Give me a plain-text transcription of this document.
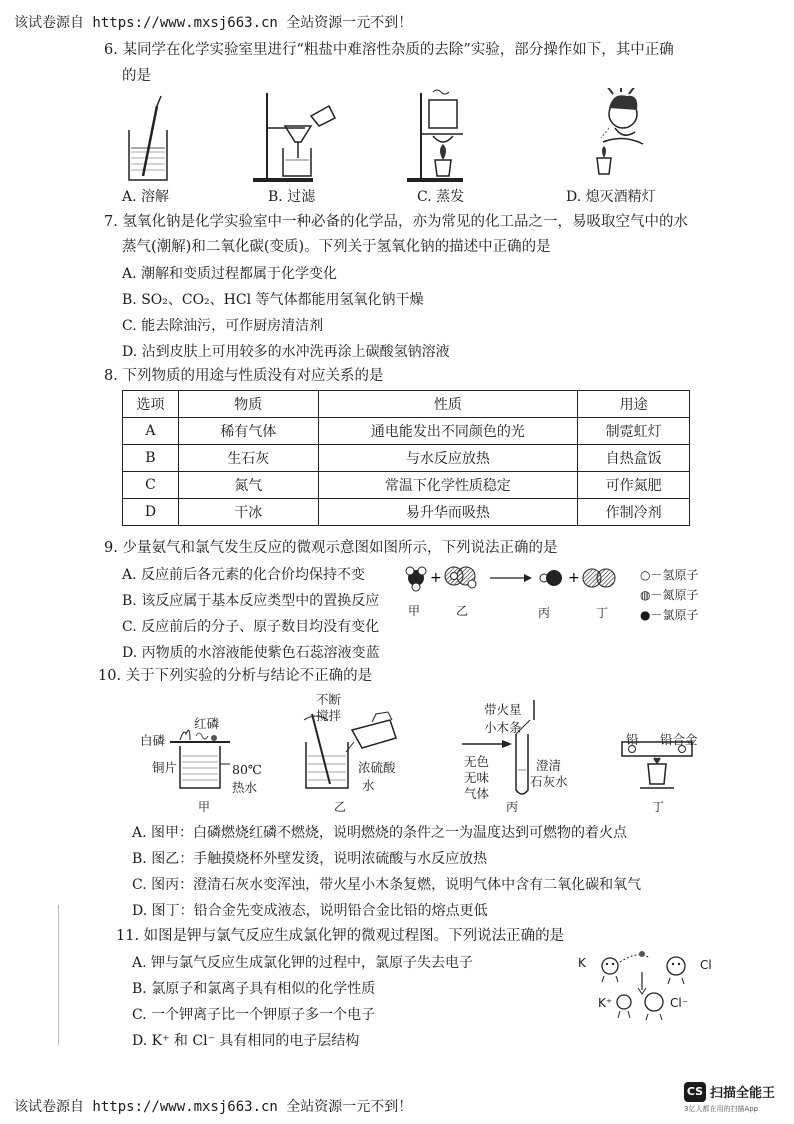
该试卷源自 https://www.mxsj663.cn 全站资源一元不到！
6. 某同学在化学实验室里进行“粗盐中难溶性杂质的去除”实验，部分操作如下，其中正确
的是
A. 溶解	B. 过滤	C. 蒸发	D. 熄灭酒精灯
7. 氢氧化钠是化学实验室中一种必备的化学品，亦为常见的化工品之一，易吸取空气中的水
蒸气(潮解)和二氧化碳(变质)。下列关于氢氧化钠的描述中正确的是
A. 潮解和变质过程都属于化学变化
B. SO₂、CO₂、HCl 等气体都能用氢氧化钠干燥
C. 能去除油污，可作厨房清洁剂
D. 沾到皮肤上可用较多的水冲洗再涂上碳酸氢钠溶液
8. 下列物质的用途与性质没有对应关系的是
选项	物质	性质	用途
A	稀有气体	通电能发出不同颜色的光	制霓虹灯
B	生石灰	与水反应放热	自热盒饭
C	氮气	常温下化学性质稳定	可作氮肥
D	干冰	易升华而吸热	作制冷剂
9. 少量氨气和氯气发生反应的微观示意图如图所示，下列说法正确的是
A. 反应前后各元素的化合价均保持不变
B. 该反应属于基本反应类型中的置换反应
C. 反应前后的分子、原子数目均没有变化
D. 丙物质的水溶液能使紫色石蕊溶液变蓝
+	+
甲	乙	丙	丁
○－氢原子
◍－氮原子
●－氯原子
10. 关于下列实验的分析与结论不正确的是
白磷
红磷
铜片	80℃
热水
不断
搅拌
浓硫酸
水
带火星
小木条
无色
无味
气体
澄清
石灰水
铅 铅合金
甲	乙	丙	丁
A. 图甲：白磷燃烧红磷不燃烧，说明燃烧的条件之一为温度达到可燃物的着火点
B. 图乙：手触摸烧杯外壁发烫，说明浓硫酸与水反应放热
C. 图丙：澄清石灰水变浑浊，带火星小木条复燃，说明气体中含有二氧化碳和氧气
D. 图丁：铅合金先变成液态，说明铅合金比铅的熔点更低
11. 如图是钾与氯气反应生成氯化钾的微观过程图。下列说法正确的是
A. 钾与氯气反应生成氯化钾的过程中，氯原子失去电子
B. 氯原子和氯离子具有相似的化学性质
C. 一个钾离子比一个钾原子多一个电子
D. K⁺ 和 Cl⁻ 具有相同的电子层结构
K	Cl
K⁺	Cl⁻
该试卷源自 https://www.mxsj663.cn 全站资源一元不到！
CS 扫描全能王
3亿人都在用的扫描App
